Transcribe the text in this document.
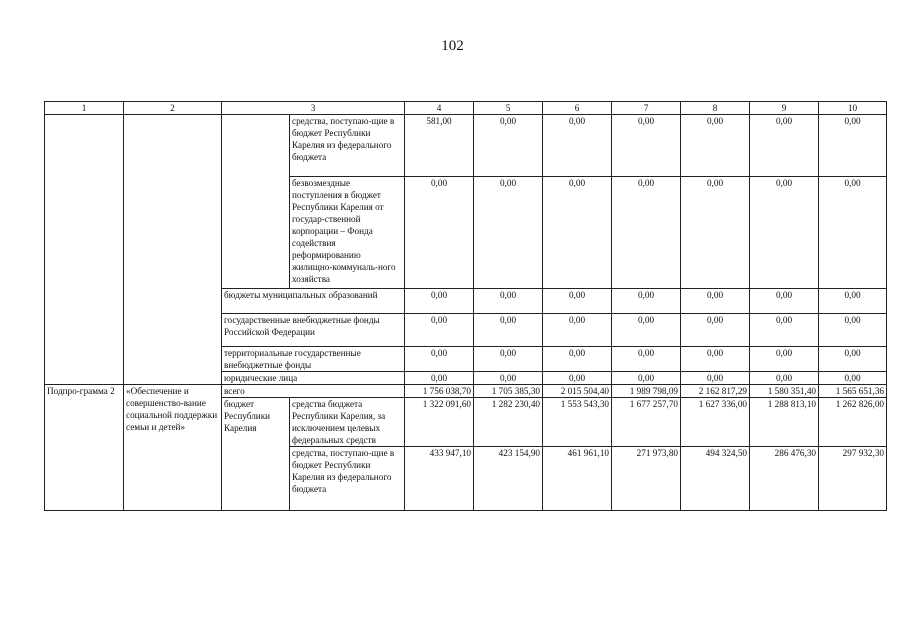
102
1	2	3		4	5	6	7	8	9	10
			средства, поступаю-щие в бюджет Республики Карелия из федерального бюджета	581,00	0,00	0,00	0,00	0,00	0,00	0,00
			безвозмездные поступления в бюджет Республики Карелия от государ-ственной корпорации – Фонда содействия реформированию жилищно-коммуналь-ного хозяйства	0,00	0,00	0,00	0,00	0,00	0,00	0,00
		бюджеты муниципальных образований		0,00	0,00	0,00	0,00	0,00	0,00	0,00
		государственные внебюджетные фонды Российской Федерации		0,00	0,00	0,00	0,00	0,00	0,00	0,00
		территориальные государственные внебюджетные фонды		0,00	0,00	0,00	0,00	0,00	0,00	0,00
		юридические лица		0,00	0,00	0,00	0,00	0,00	0,00	0,00
Подпро-грамма 2	«Обеспечение и совершенство-вание социальной поддержки семьи и детей»	всего		1 756 038,70	1 705 385,30	2 015 504,40	1 989 798,09	2 162 817,29	1 580 351,40	1 565 651,36
		бюджет Республики Карелия	средства бюджета Республики Карелия, за исключением целевых федеральных средств	1 322 091,60	1 282 230,40	1 553 543,30	1 677 257,70	1 627 336,00	1 288 813,10	1 262 826,00
			средства, поступаю-щие в бюджет Республики Карелия из федерального бюджета	433 947,10	423 154,90	461 961,10	271 973,80	494 324,50	286 476,30	297 932,30
